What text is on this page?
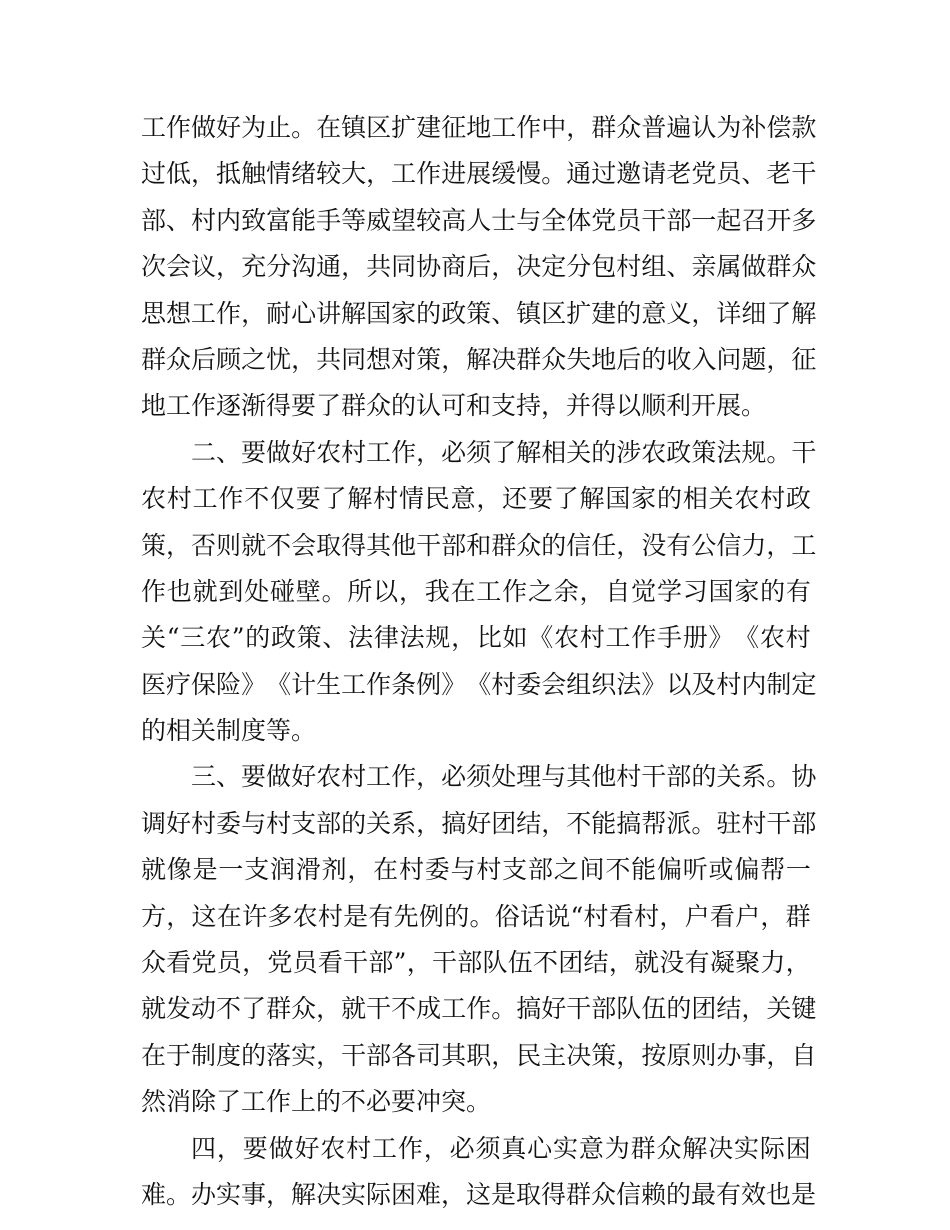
工 作 做 好 为 止 。 在 镇 区 扩 建 征 地 工 作 中 ， 群 众 普 遍 认 为 补 偿 款
过 低 ， 抵 触 情 绪 较 大 ， 工 作 进 展 缓 慢 。 通 过 邀 请 老 党 员 、 老 干
部 、 村 内 致 富 能 手 等 威 望 较 高 人 士 与 全 体 党 员 干 部 一 起 召 开 多
次 会 议 ， 充 分 沟 通 ， 共 同 协 商 后 ， 决 定 分 包 村 组 、 亲 属 做 群 众
思 想 工 作 ， 耐 心 讲 解 国 家 的 政 策 、 镇 区 扩 建 的 意 义 ， 详 细 了 解
群 众 后 顾 之 忧 ， 共 同 想 对 策 ， 解 决 群 众 失 地 后 的 收 入 问 题 ， 征
地工作逐渐得要了群众的认可和支持，并得以顺利开展。
二 、 要 做 好 农 村 工 作 ， 必 须 了 解 相 关 的 涉 农 政 策 法 规 。 干
农 村 工 作 不 仅 要 了 解 村 情 民 意 ， 还 要 了 解 国 家 的 相 关 农 村 政
策 ， 否 则 就 不 会 取 得 其 他 干 部 和 群 众 的 信 任 ， 没 有 公 信 力 ， 工
作 也 就 到 处 碰 壁 。 所 以 ， 我 在 工 作 之 余 ， 自 觉 学 习 国 家 的 有
关 “ 三 农 ” 的 政 策 、 法 律 法 规 ， 比 如 《 农 村 工 作 手 册 》 《 农 村
医 疗 保 险 》 《 计 生 工 作 条 例 》 《 村 委 会 组 织 法 》 以 及 村 内 制 定
的相关制度等。
三 、 要 做 好 农 村 工 作 ， 必 须 处 理 与 其 他 村 干 部 的 关 系 。 协
调 好 村 委 与 村 支 部 的 关 系 ， 搞 好 团 结 ， 不 能 搞 帮 派 。 驻 村 干 部
就 像 是 一 支 润 滑 剂 ， 在 村 委 与 村 支 部 之 间 不 能 偏 听 或 偏 帮 一
方 ， 这 在 许 多 农 村 是 有 先 例 的 。 俗 话 说 “ 村 看 村 ， 户 看 户 ， 群
众 看 党 员 ， 党 员 看 干 部 ” ， 干 部 队 伍 不 团 结 ， 就 没 有 凝 聚 力 ，
就 发 动 不 了 群 众 ， 就 干 不 成 工 作 。 搞 好 干 部 队 伍 的 团 结 ， 关 键
在 于 制 度 的 落 实 ， 干 部 各 司 其 职 ， 民 主 决 策 ， 按 原 则 办 事 ， 自
然消除了工作上的不必要冲突。
四 ， 要 做 好 农 村 工 作 ， 必 须 真 心 实 意 为 群 众 解 决 实 际 困
难。办实事，解决实际困难，这是取得群众信赖的最有效也是
